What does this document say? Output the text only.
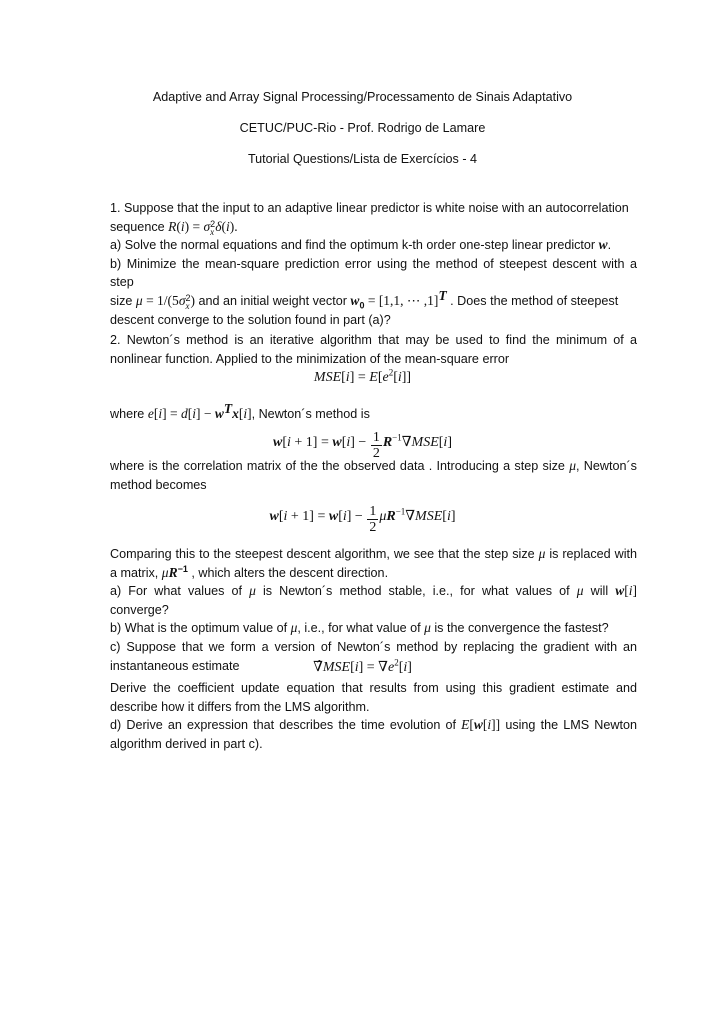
Adaptive and Array Signal Processing/Processamento de Sinais Adaptativo
CETUC/PUC-Rio - Prof. Rodrigo de Lamare
Tutorial Questions/Lista de Exercícios - 4

1. Suppose that the input to an adaptive linear predictor is white noise with an autocorrelation

sequence R(i) = σ 2
x δ(i).

a) Solve the normal equations and find the optimum k-th order one-step linear predictor w.

b) Minimize the mean-square prediction error using the method of steepest descent with a step

size μ = 1/(5σ 2
x ) and an initial weight vector $w_0 = [1,1$, ⋯ ,1]$^T$ . Does the method of steepest

descent converge to the solution found in part (a)?

2. Newton´s method is an iterative algorithm that may be used to find the minimum of a nonlinear function. Applied to the minimization of the mean-square error
$MSE[i] = E[e^2[i]]$
where $e[i] = d[i] - w^Tx[i]$, Newton´s method is
$w[i + 1] = w[i] - \frac{1}{2} R^{-1}\nabla MSE[i]$
where is the correlation matrix of the the observed data . Introducing a step size μ, Newton´s method becomes
$w[i + 1] = w[i] - \frac{1}{2} \mu R^{-1}\nabla MSE[i]$

Comparing this to the steepest descent algorithm, we see that the step size μ is replaced with a matrix, $\mu R^{-1}$ , which alters the descent direction.

a) For what values of μ is Newton´s method stable, i.e., for what values of μ will w[i] converge?

b) What is the optimum value of μ, i.e., for what value of μ is the convergence the fastest?

c) Suppose that we form a version of Newton´s method by replacing the gradient with an instantaneous estimate	∇̂MSE[i] = $\nabla e^2[i]$

Derive the coefficient update equation that results from using this gradient estimate and describe how it differs from the LMS algorithm.

d) Derive an expression that describes the time evolution of E[w[i]] using the LMS Newton algorithm derived in part c).
